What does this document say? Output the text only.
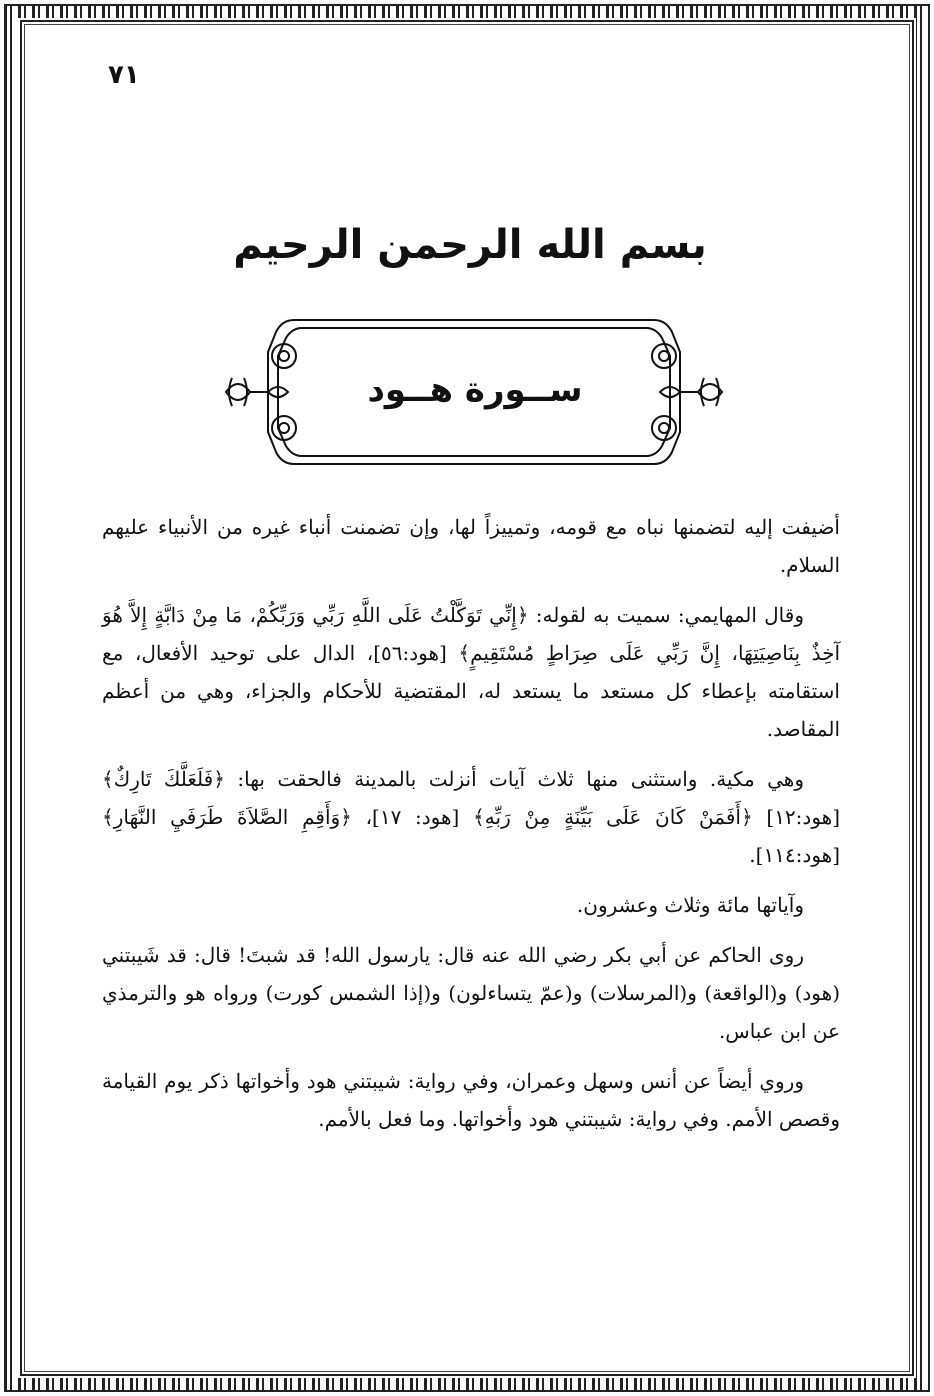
٧١
بسم الله الرحمن الرحيم
ســورة هــود

أضيفت إليه لتضمنها نباه مع قومه، وتمييزاً لها، وإن تضمنت أنباء غيره من الأنبياء عليهم السلام.

وقال المهايمي: سميت به لقوله: ﴿إِنِّي تَوَكَّلْتُ عَلَى اللَّهِ رَبِّي وَرَبِّكُمْ، مَا مِنْ دَابَّةٍ إِلاَّ هُوَ آخِذٌ بِنَاصِيَتِهَا، إِنَّ رَبِّي عَلَى صِرَاطٍ مُسْتَقِيمٍ﴾ [هود:٥٦]، الدال على توحيد الأفعال، مع استقامته بإعطاء كل مستعد ما يستعد له، المقتضية للأحكام والجزاء، وهي من أعظم المقاصد.

وهي مكية. واستثنى منها ثلاث آيات أنزلت بالمدينة فالحقت بها: ﴿فَلَعَلَّكَ تَارِكٌ﴾ [هود:١٢] ﴿أَفَمَنْ كَانَ عَلَى بَيِّنَةٍ مِنْ رَبِّهِ﴾ [هود: ١٧]، ﴿وَأَقِمِ الصَّلاَةَ طَرَفَيِ النَّهَارِ﴾ [هود:١١٤].

وآياتها مائة وثلاث وعشرون.

روى الحاكم عن أبي بكر رضي الله عنه قال: يارسول الله! قد شبتَ! قال: قد شَيبتني (هود) و(الواقعة) و(المرسلات) و(عمّ يتساءلون) و(إذا الشمس كورت) ورواه هو والترمذي عن ابن عباس.

وروي أيضاً عن أنس وسهل وعمران، وفي رواية: شيبتني هود وأخواتها ذكر يوم القيامة وقصص الأمم. وفي رواية: شيبتني هود وأخواتها. وما فعل بالأمم.
